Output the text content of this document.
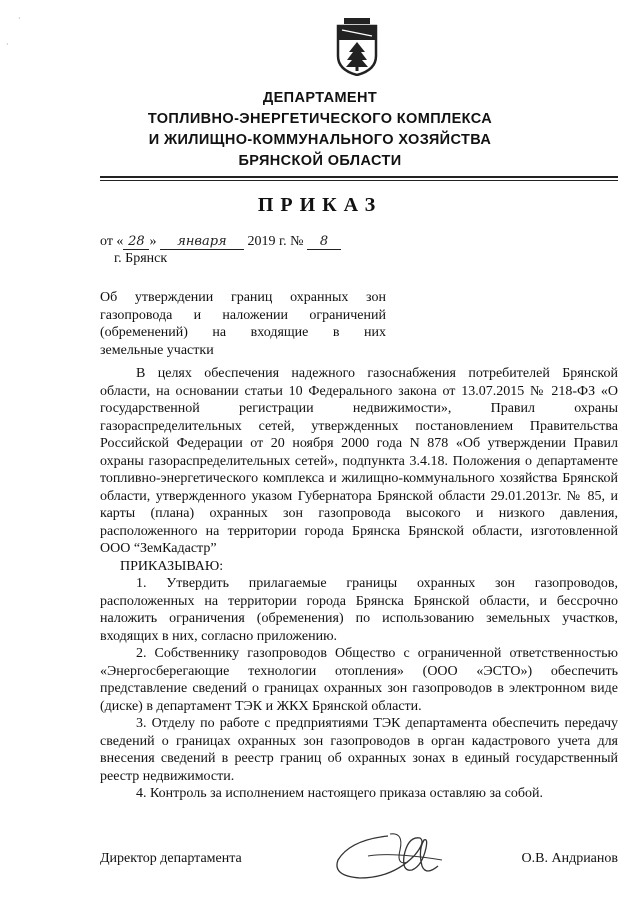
ДЕПАРТАМЕНТ
ТОПЛИВНО-ЭНЕРГЕТИЧЕСКОГО КОМПЛЕКСА
И ЖИЛИЩНО-КОММУНАЛЬНОГО ХОЗЯЙСТВА
БРЯНСКОЙ ОБЛАСТИ
ПРИКАЗ
от « 28 » января 2019 г. № 8
г. Брянск

Об утверждении границ охранных зон

газопровода и наложении ограничений

(обременений) на входящие в них

земельные участки

В целях обеспечения надежного газоснабжения потребителей Брянской области, на основании статьи 10 Федерального закона от 13.07.2015 № 218-ФЗ «О государственной регистрации недвижимости», Правил охраны газораспределительных сетей, утвержденных постановлением Правительства Российской Федерации от 20 ноября 2000 года N 878 «Об утверждении Правил охраны газораспределительных сетей», подпункта 3.4.18. Положения о департаменте топливно-энергетического комплекса и жилищно-коммунального хозяйства Брянской области, утвержденного указом Губернатора Брянской области 29.01.2013г. № 85, и карты (плана) охранных зон газопровода высокого и низкого давления, расположенного на территории города Брянска Брянской области, изготовленной ООО “ЗемКадастр”

ПРИКАЗЫВАЮ:

1. Утвердить прилагаемые границы охранных зон газопроводов, расположенных на территории города Брянска Брянской области, и бессрочно наложить ограничения (обременения) по использованию земельных участков, входящих в них, согласно приложению.

2. Собственнику газопроводов Общество с ограниченной ответственностью «Энергосберегающие технологии отопления» (ООО «ЭСТО») обеспечить представление сведений о границах охранных зон газопроводов в электронном виде (диске) в департамент ТЭК и ЖКХ Брянской области.

3. Отделу по работе с предприятиями ТЭК департамента обеспечить передачу сведений о границах охранных зон газопроводов в орган кадастрового учета для внесения сведений в реестр границ об охранных зонах в единый государственный реестр недвижимости.

4. Контроль за исполнением настоящего приказа оставляю за собой.

Директор департамента	О.В. Андрианов
·
·
